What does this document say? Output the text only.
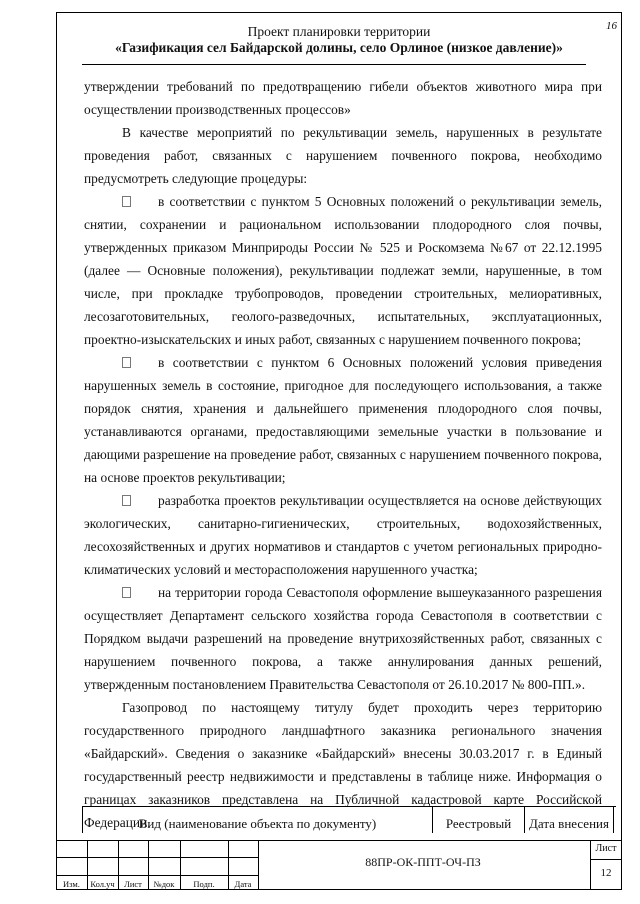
16
Проект планировки территории
«Газификация сел Байдарской долины, село Орлиное (низкое давление)»

утверждении требований по предотвращению гибели объектов животного мира при осуществлении производственных процессов»

В качестве мероприятий по рекультивации земель, нарушенных в результате проведения работ, связанных с нарушением почвенного покрова, необходимо предусмотреть следующие процедуры:

в соответствии с пунктом 5 Основных положений о рекультивации земель, снятии, сохранении и рациональном использовании плодородного слоя почвы, утвержденных приказом Минприроды России № 525 и Роскомзема №67 от 22.12.1995 (далее — Основные положения), рекультивации подлежат земли, нарушенные, в том числе, при прокладке трубопроводов, проведении строительных, мелиоративных, лесозаготовительных, геолого-разведочных, испытательных, эксплуатационных, проектно-изыскательских и иных работ, связанных с нарушением почвенного покрова;

в соответствии с пунктом 6 Основных положений условия приведения нарушенных земель в состояние, пригодное для последующего использования, а также порядок снятия, хранения и дальнейшего применения плодородного слоя почвы, устанавливаются органами, предоставляющими земельные участки в пользование и дающими разрешение на проведение работ, связанных с нарушением почвенного покрова, на основе проектов рекультивации;

разработка проектов рекультивации осуществляется на основе действующих экологических, санитарно-гигиенических, строительных, водохозяйственных, лесохозяйственных и других нормативов и стандартов с учетом региональных природно-климатических условий и месторасположения нарушенного участка;

на территории города Севастополя оформление вышеуказанного разрешения осуществляет Департамент сельского хозяйства города Севастополя в соответствии с Порядком выдачи разрешений на проведение внутрихозяйственных работ, связанных с нарушением почвенного покрова, а также аннулирования данных решений, утвержденным постановлением Правительства Севастополя от 26.10.2017 № 800-ПП.».

Газопровод по настоящему титулу будет проходить через территорию государственного природного ландшафтного заказника регионального значения «Байдарский». Сведения о заказнике «Байдарский» внесены 30.03.2017 г. в Единый государственный реестр недвижимости и представлены в таблице ниже. Информация о границах заказников представлена на Публичной кадастровой карте Российской Федерации.

Вид (наименование объекта по документу)	Реестровый	Дата внесения
Изм.	Кол.уч	Лист	№док	Подп.	Дата
88ПР-ОК-ППТ-ОЧ-ПЗ
Лист
12
